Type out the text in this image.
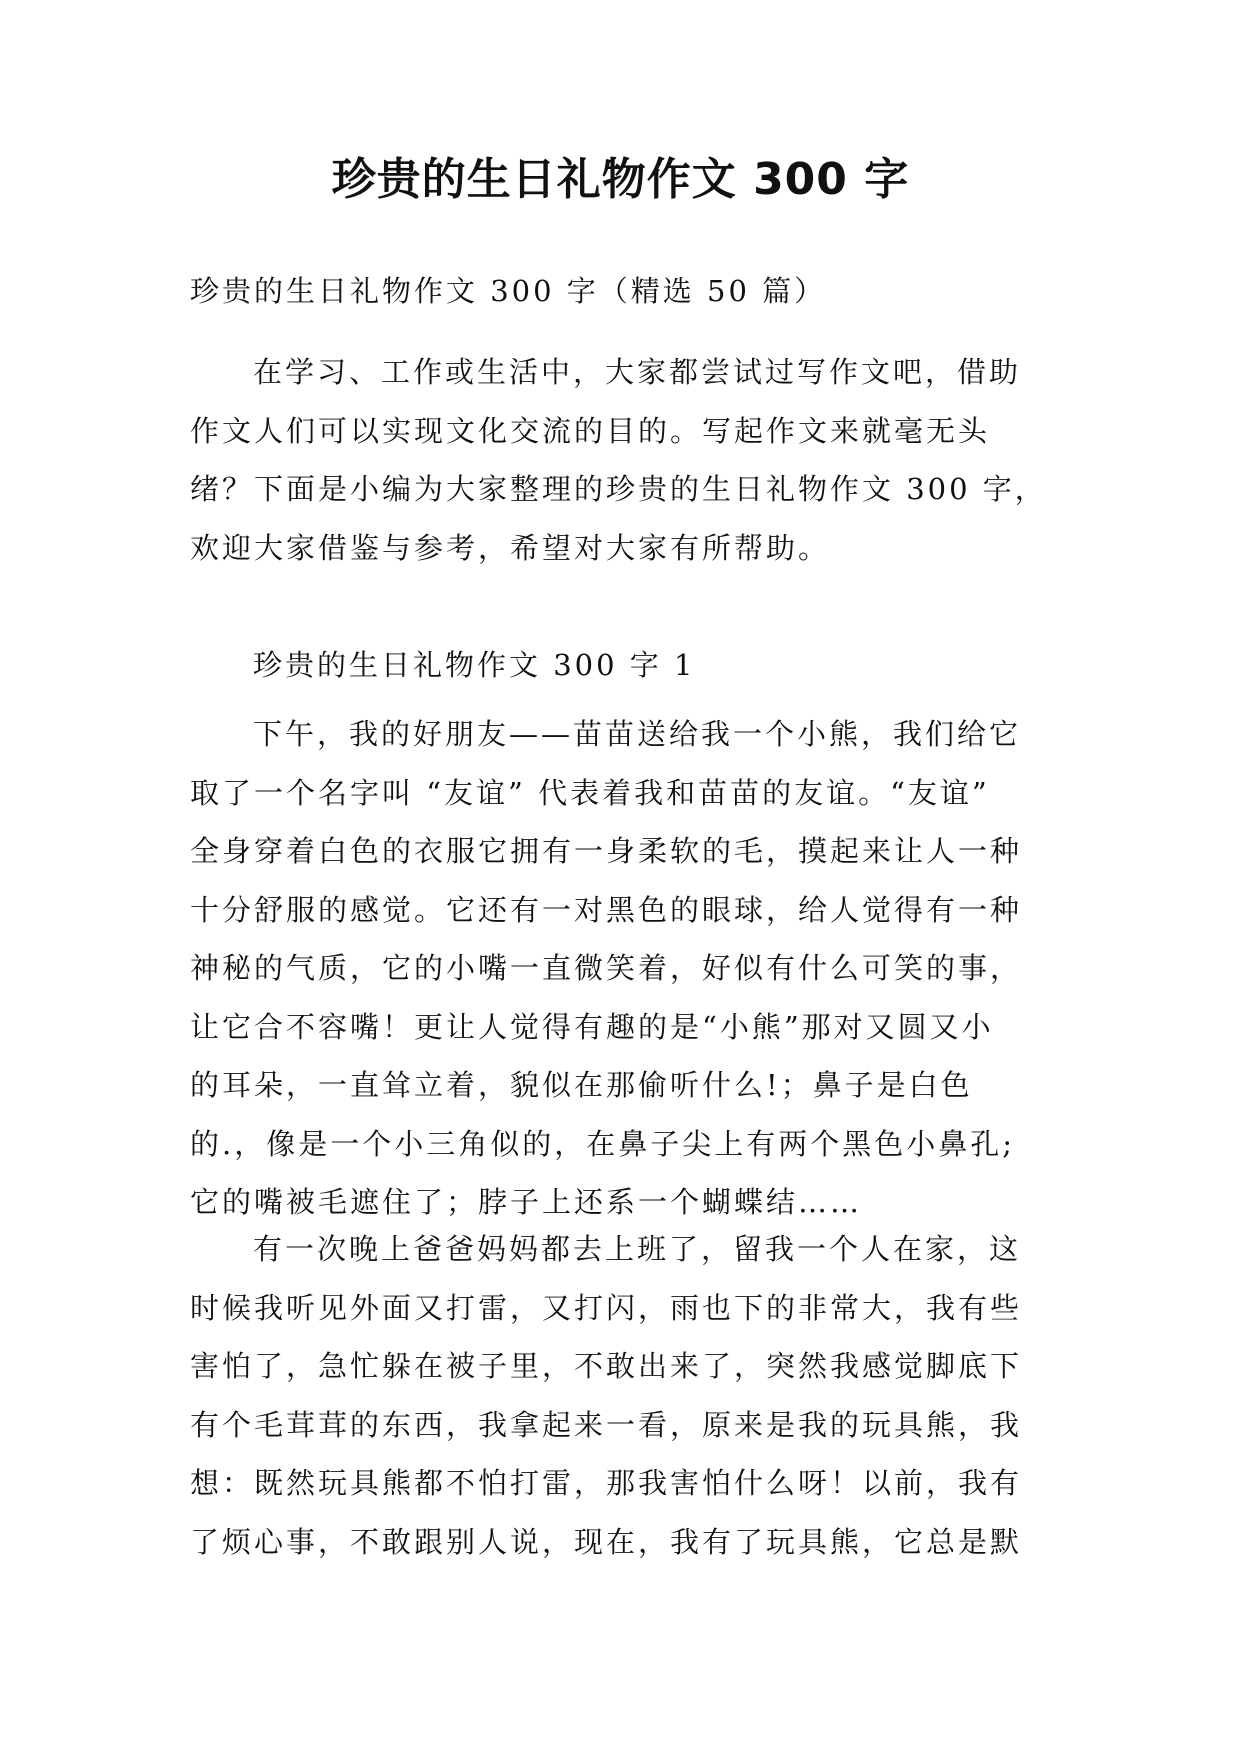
珍贵的生日礼物作文 300 字
珍贵的生日礼物作文 300 字（精选 50 篇）
在学习、工作或生活中，大家都尝试过写作文吧，借助
作文人们可以实现文化交流的目的。写起作文来就毫无头
绪？下面是小编为大家整理的珍贵的生日礼物作文 300 字，
欢迎大家借鉴与参考，希望对大家有所帮助。
珍贵的生日礼物作文 300 字 1
下午，我的好朋友——苗苗送给我一个小熊，我们给它
取了一个名字叫 “友谊” 代表着我和苗苗的友谊。“友谊”
全身穿着白色的衣服它拥有一身柔软的毛，摸起来让人一种
十分舒服的感觉。它还有一对黑色的眼球，给人觉得有一种
神秘的气质，它的小嘴一直微笑着，好似有什么可笑的事，
让它合不容嘴！更让人觉得有趣的是“小熊”那对又圆又小
的耳朵，一直耸立着，貌似在那偷听什么!；鼻子是白色
的.，像是一个小三角似的，在鼻子尖上有两个黑色小鼻孔;
它的嘴被毛遮住了；脖子上还系一个蝴蝶结……
有一次晚上爸爸妈妈都去上班了，留我一个人在家，这
时候我听见外面又打雷，又打闪，雨也下的非常大，我有些
害怕了，急忙躲在被子里，不敢出来了，突然我感觉脚底下
有个毛茸茸的东西，我拿起来一看，原来是我的玩具熊，我
想：既然玩具熊都不怕打雷，那我害怕什么呀！以前，我有
了烦心事，不敢跟别人说，现在，我有了玩具熊，它总是默
